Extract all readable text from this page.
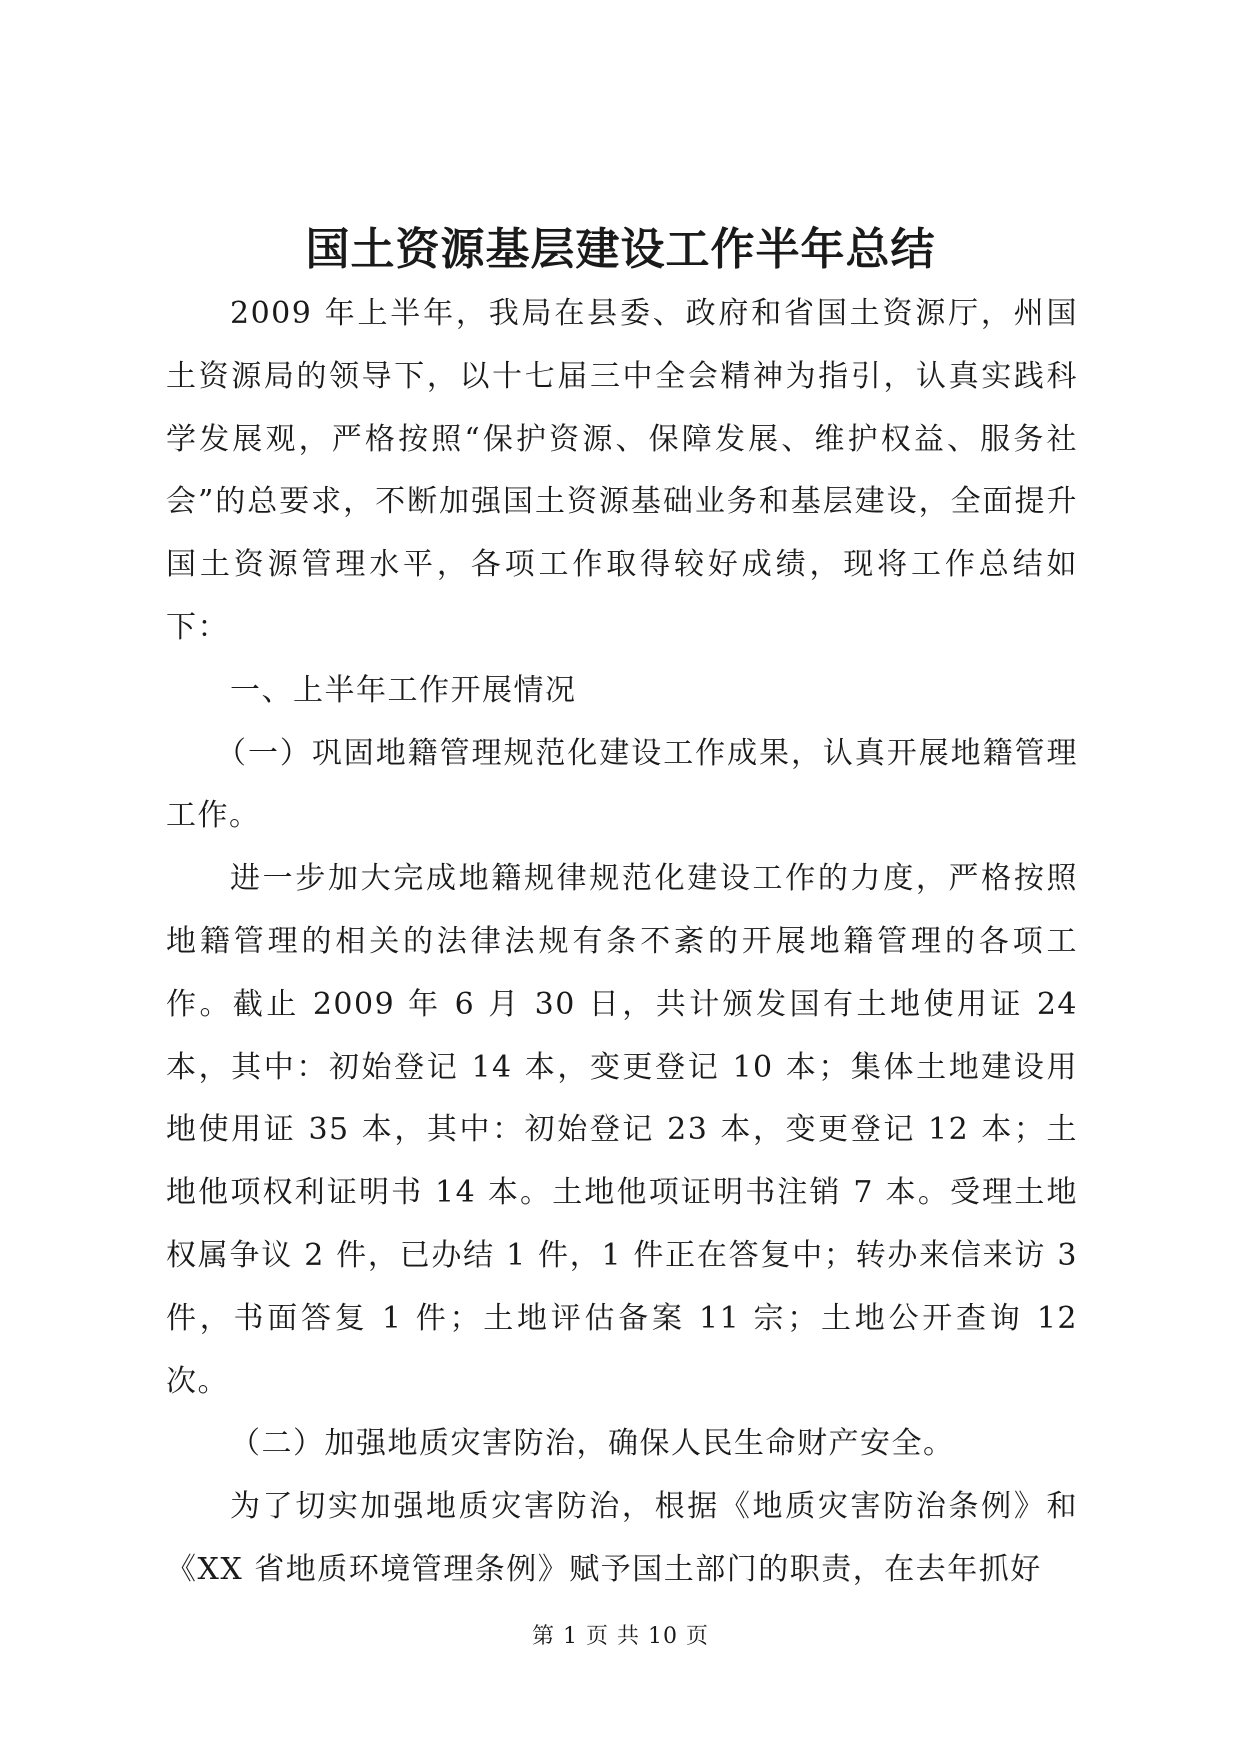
国土资源基层建设工作半年总结

2009 年上半年，我局在县委、政府和省国土资源厅，州国土资源局的领导下，以十七届三中全会精神为指引，认真实践科学发展观，严格按照“保护资源、保障发展、维护权益、服务社会”的总要求，不断加强国土资源基础业务和基层建设，全面提升国土资源管理水平，各项工作取得较好成绩，现将工作总结如下：

一、上半年工作开展情况

（一）巩固地籍管理规范化建设工作成果，认真开展地籍管理工作。

进一步加大完成地籍规律规范化建设工作的力度，严格按照地籍管理的相关的法律法规有条不紊的开展地籍管理的各项工作。截止 2009 年 6 月 30 日，共计颁发国有土地使用证 24 本，其中：初始登记 14 本，变更登记 10 本；集体土地建设用地使用证 35 本，其中：初始登记 23 本，变更登记 12 本；土地他项权利证明书 14 本。土地他项证明书注销 7 本。受理土地权属争议 2 件，已办结 1 件，1 件正在答复中；转办来信来访 3 件，书面答复 1 件；土地评估备案 11 宗；土地公开查询 12 次。

（二）加强地质灾害防治，确保人民生命财产安全。

为了切实加强地质灾害防治，根据《地质灾害防治条例》和《XX 省地质环境管理条例》赋予国土部门的职责，在去年抓好

第 1 页 共 10 页
